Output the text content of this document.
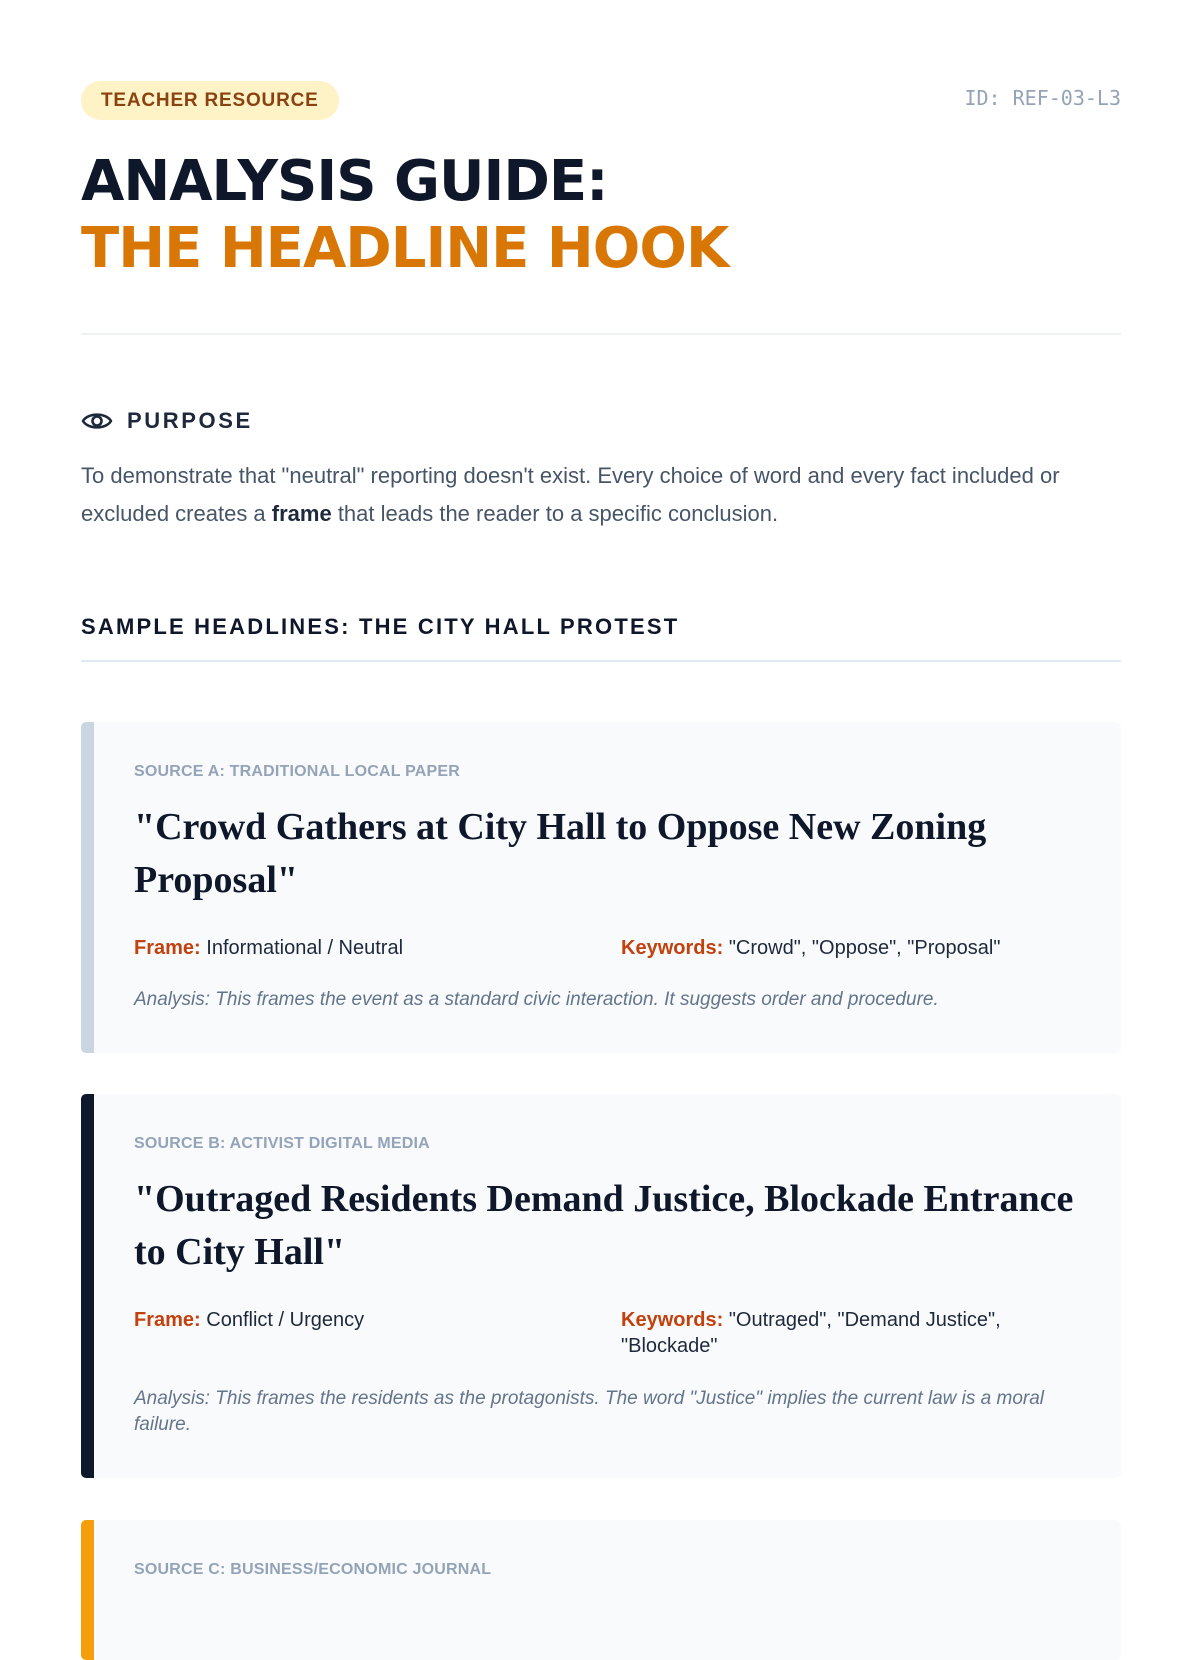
TEACHER RESOURCE	ID: REF-03-L3
ANALYSIS GUIDE:
THE HEADLINE HOOK
PURPOSE

To demonstrate that "neutral" reporting doesn't exist. Every choice of word and every fact included or excluded creates a frame that leads the reader to a specific conclusion.

SAMPLE HEADLINES: THE CITY HALL PROTEST
SOURCE A: TRADITIONAL LOCAL PAPER
"Crowd Gathers at City Hall to Oppose New Zoning Proposal"
Frame: Informational / Neutral	Keywords: "Crowd", "Oppose", "Proposal"

Analysis: This frames the event as a standard civic interaction. It suggests order and procedure.

SOURCE B: ACTIVIST DIGITAL MEDIA
"Outraged Residents Demand Justice, Blockade Entrance to City Hall"
Frame: Conflict / Urgency	Keywords: "Outraged", "Demand Justice", "Blockade"

Analysis: This frames the residents as the protagonists. The word "Justice" implies the current law is a moral failure.

SOURCE C: BUSINESS/ECONOMIC JOURNAL
